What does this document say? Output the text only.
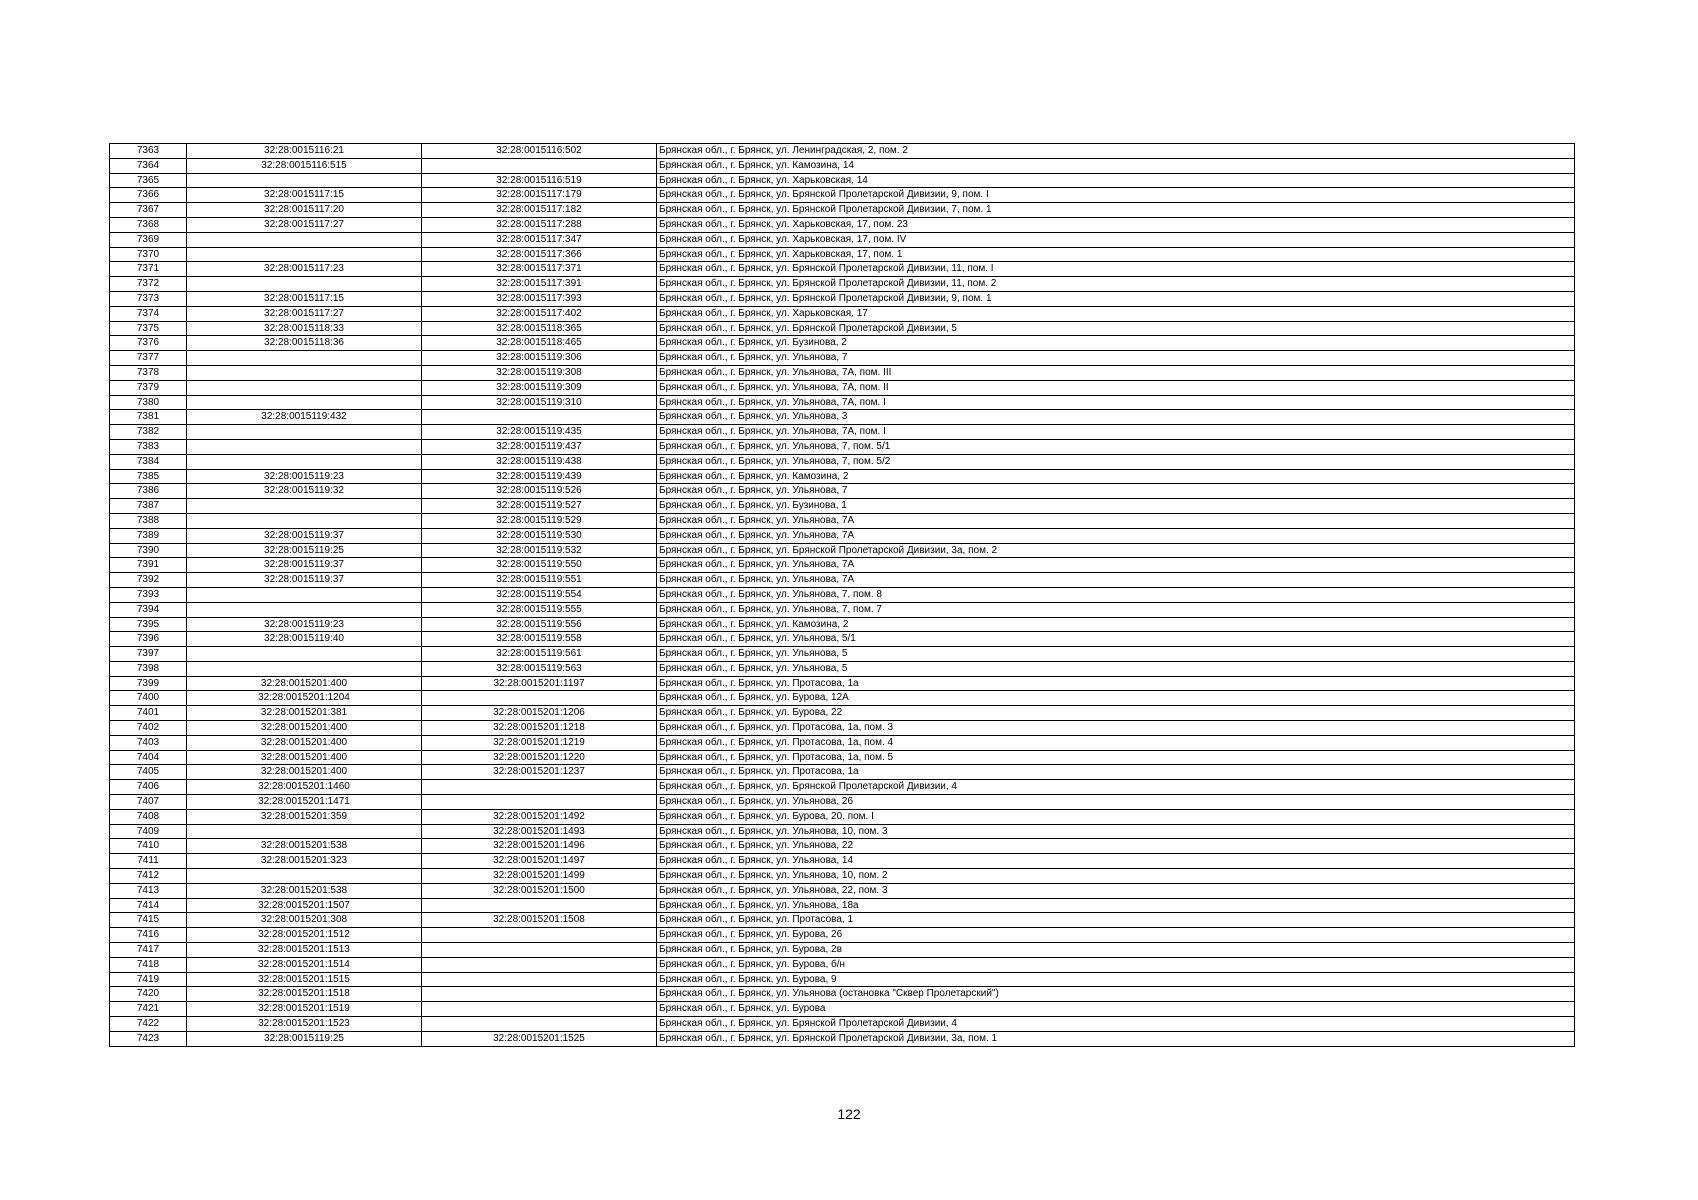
7363	32:28:0015116:21	32:28:0015116:502	Брянская обл., г. Брянск, ул. Ленинградская, 2, пом. 2
7364	32:28:0015116:515		Брянская обл., г. Брянск, ул. Камозина, 14
7365		32:28:0015116:519	Брянская обл., г. Брянск, ул. Харьковская, 14
7366	32:28:0015117:15	32:28:0015117:179	Брянская обл., г. Брянск, ул. Брянской Пролетарской Дивизии, 9, пом. I
7367	32:28:0015117:20	32:28:0015117:182	Брянская обл., г. Брянск, ул. Брянской Пролетарской Дивизии, 7, пом. 1
7368	32:28:0015117:27	32:28:0015117:288	Брянская обл., г. Брянск, ул. Харьковская, 17, пом. 23
7369		32:28:0015117:347	Брянская обл., г. Брянск, ул. Харьковская, 17, пом. IV
7370		32:28:0015117:366	Брянская обл., г. Брянск, ул. Харьковская, 17, пом. 1
7371	32:28:0015117:23	32:28:0015117:371	Брянская обл., г. Брянск, ул. Брянской Пролетарской Дивизии, 11, пом. I
7372		32:28:0015117:391	Брянская обл., г. Брянск, ул. Брянской Пролетарской Дивизии, 11, пом. 2
7373	32:28:0015117:15	32:28:0015117:393	Брянская обл., г. Брянск, ул. Брянской Пролетарской Дивизии, 9, пом. 1
7374	32:28:0015117:27	32:28:0015117:402	Брянская обл., г. Брянск, ул. Харьковская, 17
7375	32:28:0015118:33	32:28:0015118:365	Брянская обл., г. Брянск, ул. Брянской Пролетарской Дивизии, 5
7376	32:28:0015118:36	32:28:0015118:465	Брянская обл., г. Брянск, ул. Бузинова, 2
7377		32:28:0015119:306	Брянская обл., г. Брянск, ул. Ульянова, 7
7378		32:28:0015119:308	Брянская обл., г. Брянск, ул. Ульянова, 7А, пом. III
7379		32:28:0015119:309	Брянская обл., г. Брянск, ул. Ульянова, 7А, пом. II
7380		32:28:0015119:310	Брянская обл., г. Брянск, ул. Ульянова, 7А, пом. I
7381	32:28:0015119:432		Брянская обл., г. Брянск, ул. Ульянова, 3
7382		32:28:0015119:435	Брянская обл., г. Брянск, ул. Ульянова, 7А, пом. I
7383		32:28:0015119:437	Брянская обл., г. Брянск, ул. Ульянова, 7, пом. 5/1
7384		32:28:0015119:438	Брянская обл., г. Брянск, ул. Ульянова, 7, пом. 5/2
7385	32:28:0015119:23	32:28:0015119:439	Брянская обл., г. Брянск, ул. Камозина, 2
7386	32:28:0015119:32	32:28:0015119:526	Брянская обл., г. Брянск, ул. Ульянова, 7
7387		32:28:0015119:527	Брянская обл., г. Брянск, ул. Бузинова, 1
7388		32:28:0015119:529	Брянская обл., г. Брянск, ул. Ульянова, 7А
7389	32:28:0015119:37	32:28:0015119:530	Брянская обл., г. Брянск, ул. Ульянова, 7А
7390	32:28:0015119:25	32:28:0015119:532	Брянская обл., г. Брянск, ул. Брянской Пролетарской Дивизии, 3а, пом. 2
7391	32:28:0015119:37	32:28:0015119:550	Брянская обл., г. Брянск, ул. Ульянова, 7А
7392	32:28:0015119:37	32:28:0015119:551	Брянская обл., г. Брянск, ул. Ульянова, 7А
7393		32:28:0015119:554	Брянская обл., г. Брянск, ул. Ульянова, 7, пом. 8
7394		32:28:0015119:555	Брянская обл., г. Брянск, ул. Ульянова, 7, пом. 7
7395	32:28:0015119:23	32:28:0015119:556	Брянская обл., г. Брянск, ул. Камозина, 2
7396	32:28:0015119:40	32:28:0015119:558	Брянская обл., г. Брянск, ул. Ульянова, 5/1
7397		32:28:0015119:561	Брянская обл., г. Брянск, ул. Ульянова, 5
7398		32:28:0015119:563	Брянская обл., г. Брянск, ул. Ульянова, 5
7399	32:28:0015201:400	32:28:0015201:1197	Брянская обл., г. Брянск, ул. Протасова, 1а
7400	32:28:0015201:1204		Брянская обл., г. Брянск, ул. Бурова, 12А
7401	32:28:0015201:381	32:28:0015201:1206	Брянская обл., г. Брянск, ул. Бурова, 22
7402	32:28:0015201:400	32:28:0015201:1218	Брянская обл., г. Брянск, ул. Протасова, 1а, пом. 3
7403	32:28:0015201:400	32:28:0015201:1219	Брянская обл., г. Брянск, ул. Протасова, 1а, пом. 4
7404	32:28:0015201:400	32:28:0015201:1220	Брянская обл., г. Брянск, ул. Протасова, 1а, пом. 5
7405	32:28:0015201:400	32:28:0015201:1237	Брянская обл., г. Брянск, ул. Протасова, 1а
7406	32:28:0015201:1460		Брянская обл., г. Брянск, ул. Брянской Пролетарской Дивизии, 4
7407	32:28:0015201:1471		Брянская обл., г. Брянск, ул. Ульянова, 26
7408	32:28:0015201:359	32:28:0015201:1492	Брянская обл., г. Брянск, ул. Бурова, 20, пом. I
7409		32:28:0015201:1493	Брянская обл., г. Брянск, ул. Ульянова, 10, пом. 3
7410	32:28:0015201:538	32:28:0015201:1496	Брянская обл., г. Брянск, ул. Ульянова, 22
7411	32:28:0015201:323	32:28:0015201:1497	Брянская обл., г. Брянск, ул. Ульянова, 14
7412		32:28:0015201:1499	Брянская обл., г. Брянск, ул. Ульянова, 10, пом. 2
7413	32:28:0015201:538	32:28:0015201:1500	Брянская обл., г. Брянск, ул. Ульянова, 22, пом. 3
7414	32:28:0015201:1507		Брянская обл., г. Брянск, ул. Ульянова, 18а
7415	32:28:0015201:308	32:28:0015201:1508	Брянская обл., г. Брянск, ул. Протасова, 1
7416	32:28:0015201:1512		Брянская обл., г. Брянск, ул. Бурова, 26
7417	32:28:0015201:1513		Брянская обл., г. Брянск, ул. Бурова, 2в
7418	32:28:0015201:1514		Брянская обл., г. Брянск, ул. Бурова, б/н
7419	32:28:0015201:1515		Брянская обл., г. Брянск, ул. Бурова, 9
7420	32:28:0015201:1518		Брянская обл., г. Брянск, ул. Ульянова (остановка "Сквер Пролетарский")
7421	32:28:0015201:1519		Брянская обл., г. Брянск, ул. Бурова
7422	32:28:0015201:1523		Брянская обл., г. Брянск, ул. Брянской Пролетарской Дивизии, 4
7423	32:28:0015119:25	32:28:0015201:1525	Брянская обл., г. Брянск, ул. Брянской Пролетарской Дивизии, 3а, пом. 1
122
